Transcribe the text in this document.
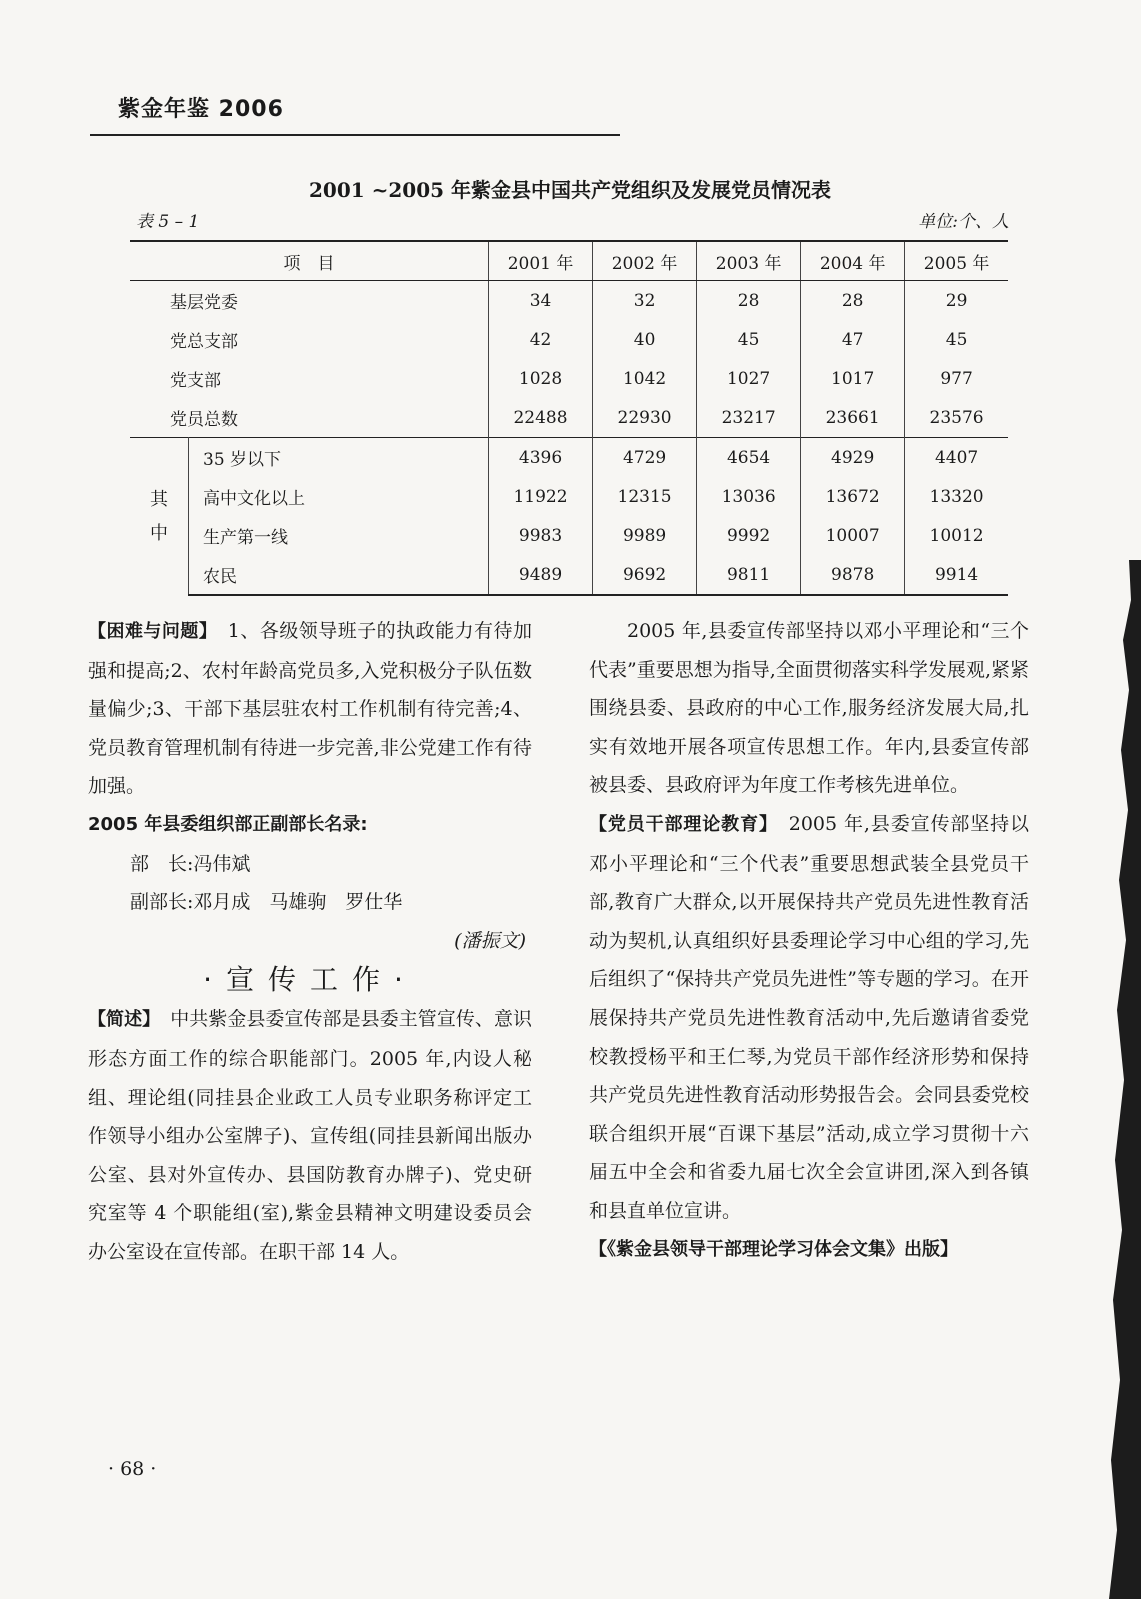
紫金年鉴 2006
2001 ~2005 年紫金县中国共产党组织及发展党员情况表
表 5 – 1	单位:个、人
项　目		2001 年	2002 年	2003 年	2004 年	2005 年
基层党委		34	32	28	28	29
党总支部		42	40	45	47	45
党支部		1028	1042	1027	1017	977
党员总数		22488	22930	23217	23661	23576
其
中	35 岁以下	4396	4729	4654	4929	4407
	高中文化以上	11922	12315	13036	13672	13320
	生产第一线	9983	9989	9992	10007	10012
	农民	9489	9692	9811	9878	9914

【困难与问题】　1、各级领导班子的执政能力有待加强和提高;2、农村年龄高党员多,入党积极分子队伍数量偏少;3、干部下基层驻农村工作机制有待完善;4、党员教育管理机制有待进一步完善,非公党建工作有待加强。

2005 年县委组织部正副部长名录:

部　长:冯伟斌

副部长:邓月成　马雄驹　罗仕华

(潘振文)

·宣传工作·

【简述】　中共紫金县委宣传部是县委主管宣传、意识形态方面工作的综合职能部门。2005 年,内设人秘组、理论组(同挂县企业政工人员专业职务称评定工作领导小组办公室牌子)、宣传组(同挂县新闻出版办公室、县对外宣传办、县国防教育办牌子)、党史研究室等 4 个职能组(室),紫金县精神文明建设委员会办公室设在宣传部。在职干部 14 人。

2005 年,县委宣传部坚持以邓小平理论和“三个代表”重要思想为指导,全面贯彻落实科学发展观,紧紧围绕县委、县政府的中心工作,服务经济发展大局,扎实有效地开展各项宣传思想工作。年内,县委宣传部被县委、县政府评为年度工作考核先进单位。

【党员干部理论教育】　2005 年,县委宣传部坚持以邓小平理论和“三个代表”重要思想武装全县党员干部,教育广大群众,以开展保持共产党员先进性教育活动为契机,认真组织好县委理论学习中心组的学习,先后组织了“保持共产党员先进性”等专题的学习。在开展保持共产党员先进性教育活动中,先后邀请省委党校教授杨平和王仁琴,为党员干部作经济形势和保持共产党员先进性教育活动形势报告会。会同县委党校联合组织开展“百课下基层”活动,成立学习贯彻十六届五中全会和省委九届七次全会宣讲团,深入到各镇和县直单位宣讲。

【《紫金县领导干部理论学习体会文集》出版】

· 68 ·
